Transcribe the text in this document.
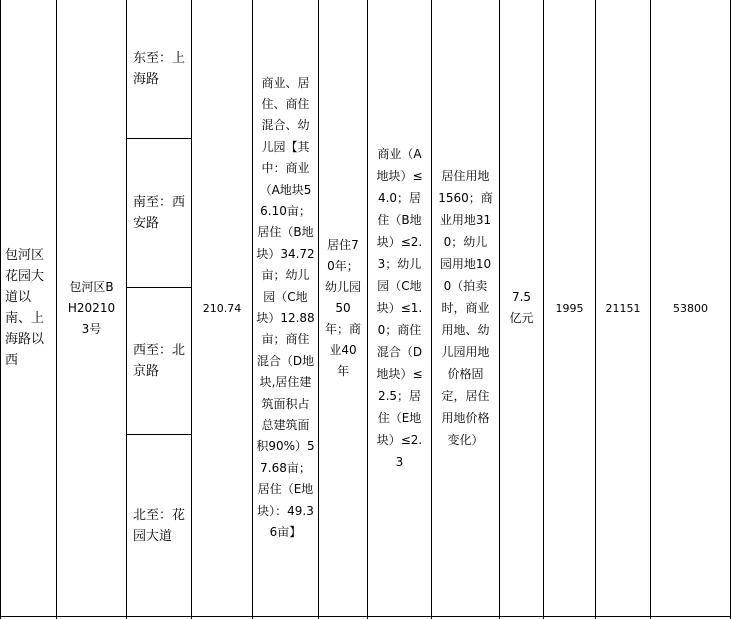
包河区花园大道以南、上海路以西
包河区BH202103号
东至：上海路
南至：西安路
西至：北京路
北至：花园大道
210.74
商业、居住、商住混合、幼儿园【其中：商业（A地块56.10亩；居住（B地块）34.72亩；幼儿园（C地块）12.88亩；商住混合（D地块,居住建筑面积占总建筑面积90%）57.68亩；居住（E地块）：49.36亩】
居住70年；幼儿园50年；商业40年
商业（A地块）≤4.0；居住（B地块）≤2.3；幼儿园（C地块）≤1.0；商住混合（D地块）≤2.5；居住（E地块）≤2.3
居住用地1560；商业用地310；幼儿园用地100（拍卖时，商业用地、幼儿园用地价格固定，居住用地价格变化）
7.5亿元
1995 21151	53800
